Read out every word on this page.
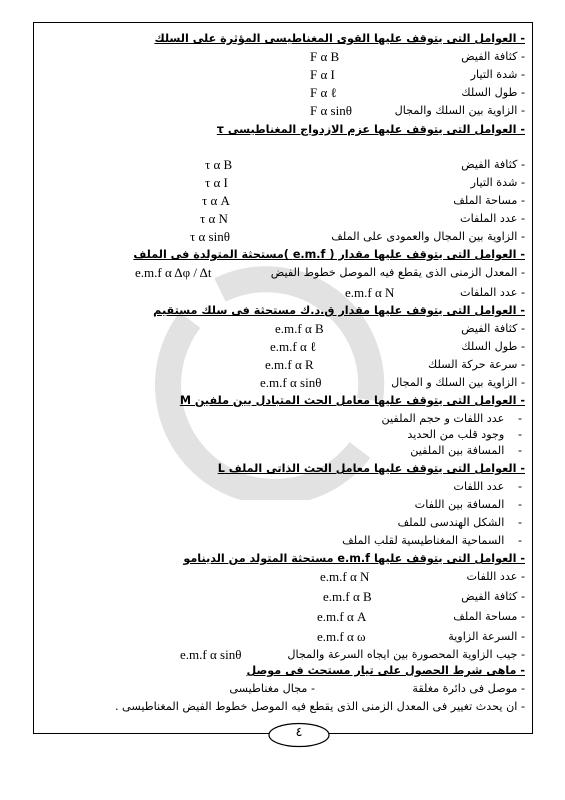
- العوامل التى يتوقف عليها القوى المغناطيسى المؤثرة على السلك
- كثافة الفيض
F α B
- شدة التيار
F α I
- طول السلك
F α ℓ
- الزاوية بين السلك والمجال
F α sinθ
- العوامل التى يتوقف عليها عزم الازدواج المغناطيسى τ
- كثافة الفيض
τ α B
- شدة التيار
τ α I
- مساحة الملف
τ α A
- عدد الملفات
τ α N
- الزاوية بين المجال والعمودى على الملف
τ α sinθ
- العوامل التى يتوقف عليها مقدار ( e.m.f )مستحثة المتولدة فى الملف
- المعدل الزمنى الذى يقطع فيه الموصل خطوط الفيض
e.m.f α Δφ / Δt
- عدد الملفات
e.m.f α N
- العوامل التى يتوقف عليها مقدار ق.د.ك مستحثة فى سلك مستقيم
- كثافة الفيض
e.m.f α B
- طول السلك
e.m.f α ℓ
- سرعة حركة السلك
e.m.f α R
- الزاوية بين السلك و المجال
e.m.f α sinθ
- العوامل التى يتوقف عليها معامل الحث المتبادل بين ملفين M
-   عدد اللفات و حجم الملفين
-   وجود قلب من الحديد
-   المسافة بين الملفين
- العوامل التى يتوقف عليها معامل الحث الذاتى الملف L
-   عدد اللفات
-   المسافة بين اللفات
-   الشكل الهندسى للملف
-   السماحية المغناطيسية لقلب الملف
- العوامل التى يتوقف عليها e.m.f مستحثة المتولد من الدينامو
- عدد اللفات
e.m.f α N
- كثافة الفيض
e.m.f α B
- مساحة الملف
e.m.f α A
- السرعة الزاوية
e.m.f α ω
- جيب الزاوية المحصورة بين ايجاه السرعة والمجال
e.m.f α sinθ
- ماهى شرط الحصول على تيار مستحث فى موصل
- موصل فى دائرة مغلقة
- مجال مغناطيسى
- ان يحدث تغيير فى المعدل الزمنى الذى يقطع فيه الموصل خطوط الفيض المغناطيسى .
٤
